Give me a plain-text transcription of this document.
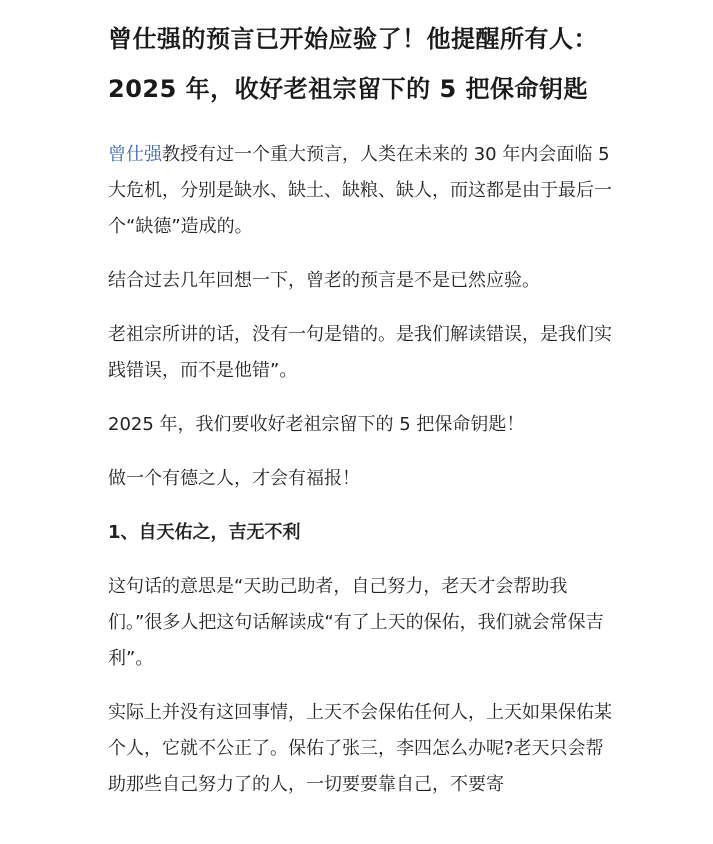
曾仕强的预言已开始应验了！他提醒所有人：2025 年，收好老祖宗留下的 5 把保命钥匙

曾仕强教授有过一个重大预言，人类在未来的 30 年内会面临 5 大危机，分别是缺水、缺土、缺粮、缺人，而这都是由于最后一个“缺德”造成的。

结合过去几年回想一下，曾老的预言是不是已然应验。

老祖宗所讲的话，没有一句是错的。是我们解读错误，是我们实践错误，而不是他错”。

2025 年，我们要收好老祖宗留下的 5 把保命钥匙！

做一个有德之人，才会有福报！

1、自天佑之，吉无不利

这句话的意思是“天助己助者，自己努力，老天才会帮助我们。”很多人把这句话解读成“有了上天的保佑，我们就会常保吉利”。

实际上并没有这回事情，上天不会保佑任何人，上天如果保佑某个人，它就不公正了。保佑了张三，李四怎么办呢?老天只会帮助那些自己努力了的人，一切要要靠自己，不要寄
